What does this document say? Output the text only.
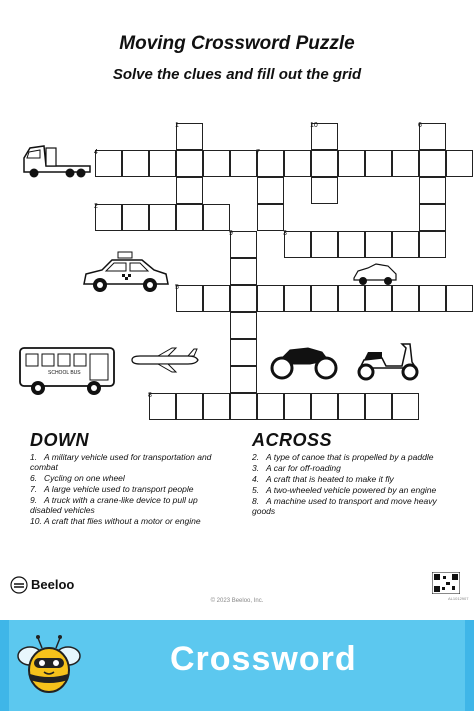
Moving Crossword Puzzle
Solve the clues and fill out the grid
1
2
3
4
5
6
7
8
9
10
SCHOOL BUS
DOWN
1. A military vehicle used for transportation and combat
6. Cycling on one wheel
7. A large vehicle used to transport people
9. A truck with a crane-like device to pull up disabled vehicles
10. A craft that flies without a motor or engine
ACROSS
2. A type of canoe that is propelled by a paddle
3. A car for off-roading
4. A craft that is heated to make it fly
5. A two-wheeled vehicle powered by an engine
8. A machine used to transport and move heavy goods
Beeloo
© 2023 Beeloo, Inc.	AL1012907
Crossword
